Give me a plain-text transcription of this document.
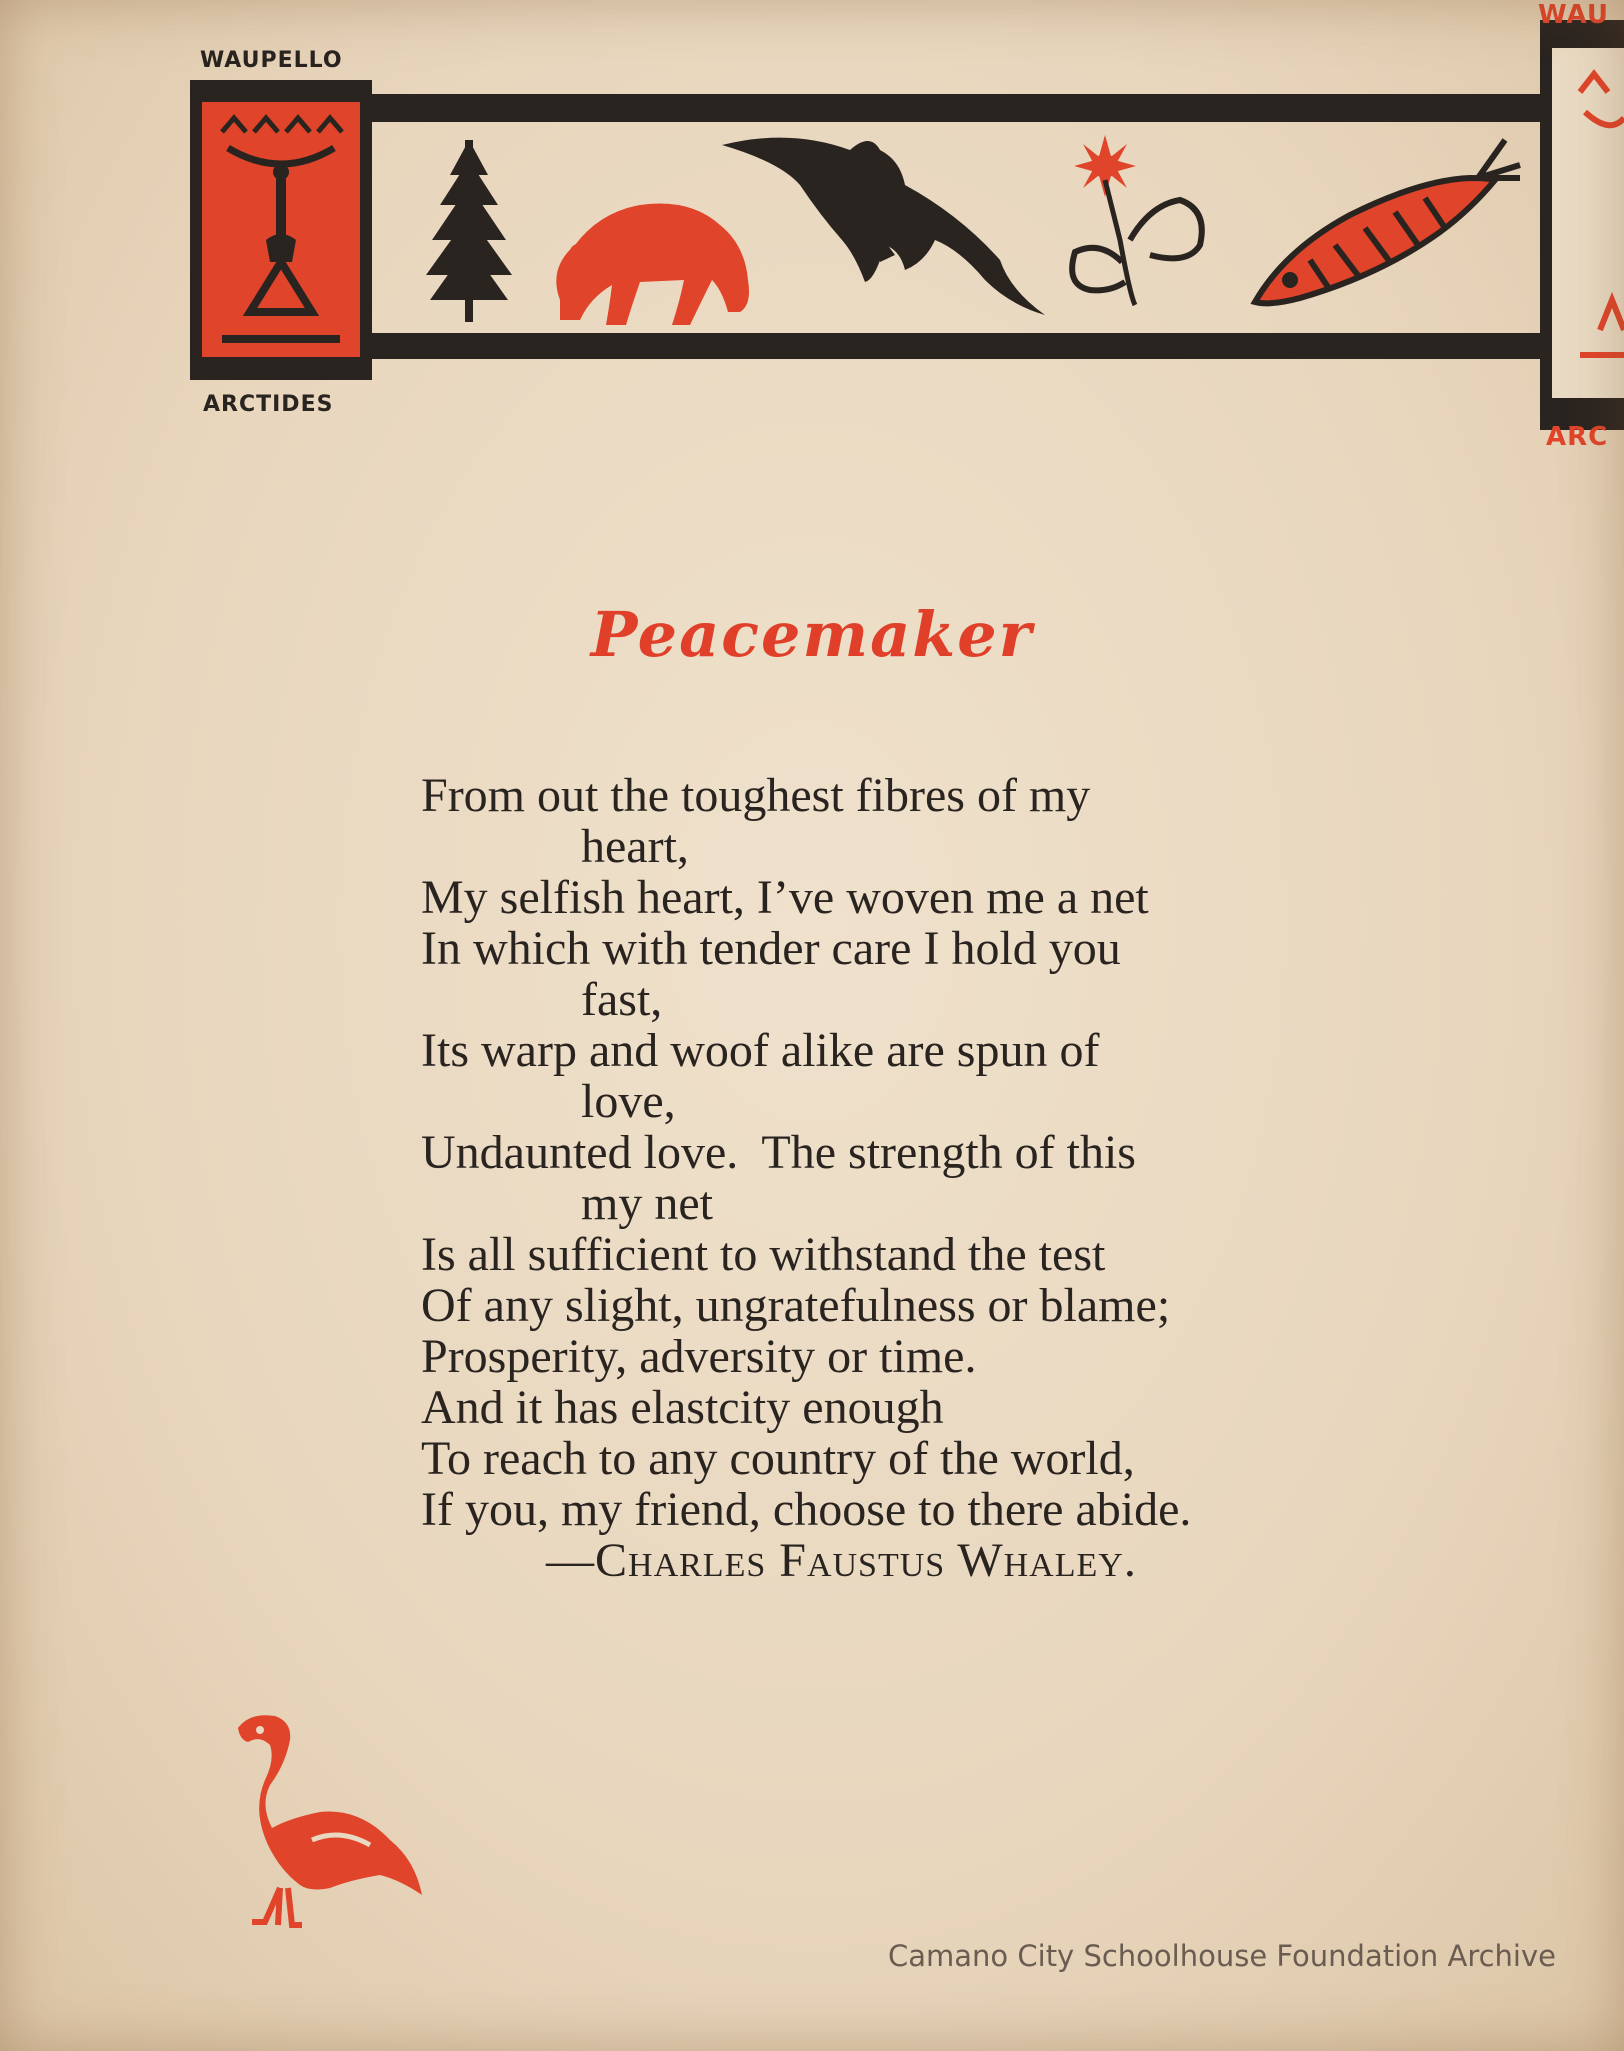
WAUPELLO
ARCTIDES
WAU
ARC
Peacemaker
From out the toughest fibres of my
heart,
My selfish heart, I’ve woven me a net
In which with tender care I hold you
fast,
Its warp and woof alike are spun of
love,
Undaunted love.  The strength of this
my net
Is all sufficient to withstand the test
Of any slight, ungratefulness or blame;
Prosperity, adversity or time.
And it has elastcity enough
To reach to any country of the world,
If you, my friend, choose to there abide.
—Charles Faustus Whaley.
Camano City Schoolhouse Foundation Archive
